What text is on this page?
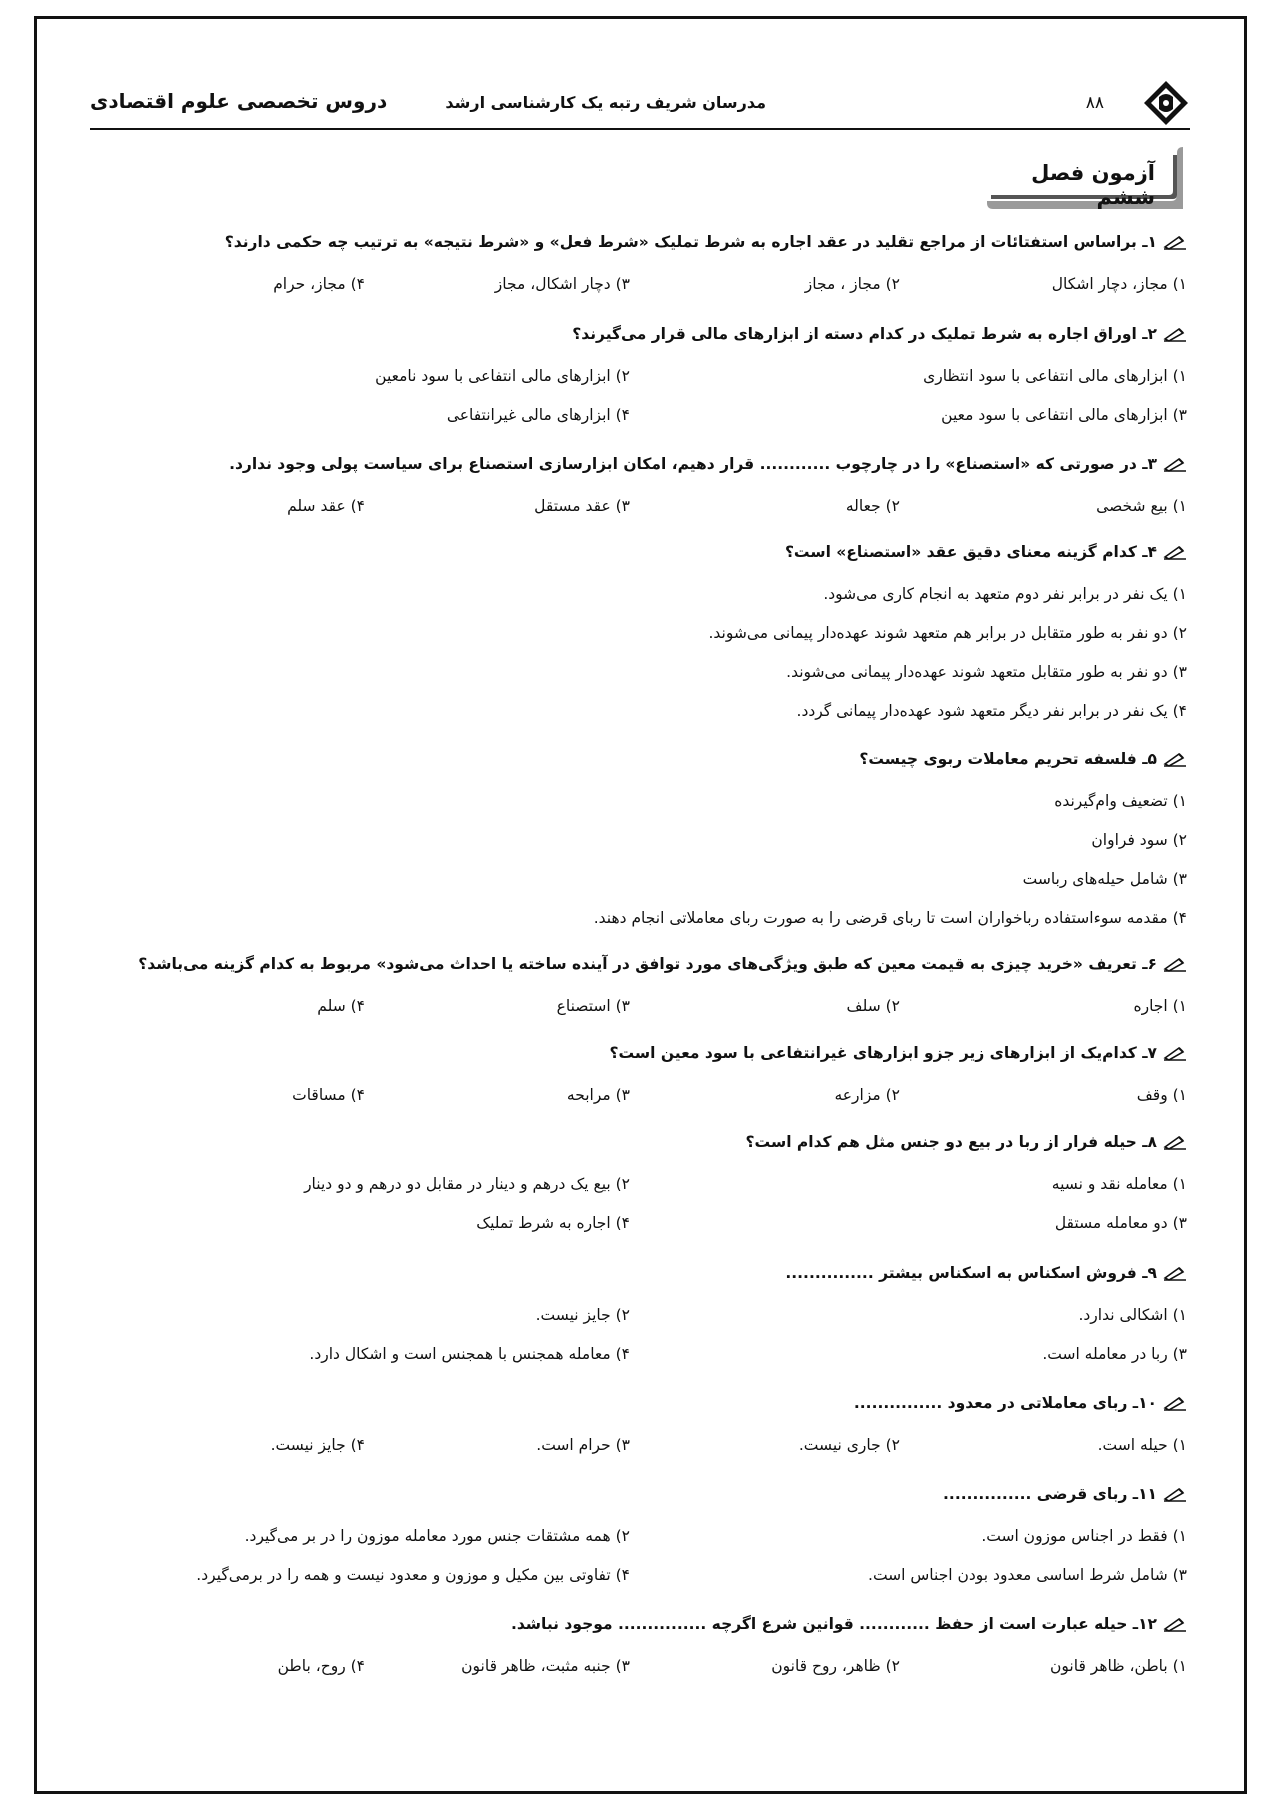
۸۸
مدرسان شریف رتبه یک کارشناسی ارشد
دروس تخصصی علوم اقتصادی
آزمون فصل ششم
۱ـ براساس استفتائات از مراجع تقلید در عقد اجاره به شرط تملیک «شرط فعل» و «شرط نتیجه» به ترتیب چه حکمی دارند؟
۱) مجاز، دچار اشکال
۲) مجاز ، مجاز
۳) دچار اشکال، مجاز
۴) مجاز، حرام
۲ـ اوراق اجاره به شرط تملیک در کدام دسته از ابزارهای مالی قرار می‌گیرند؟
۱) ابزارهای مالی انتفاعی با سود انتظاری
۲) ابزارهای مالی انتفاعی با سود نامعین
۳) ابزارهای مالی انتفاعی با سود معین
۴) ابزارهای مالی غیرانتفاعی
۳ـ در صورتی که «استصناع» را در چارچوب ............ قرار دهیم، امکان ابزارسازی استصناع برای سیاست پولی وجود ندارد.
۱) بیع شخصی
۲) جعاله
۳) عقد مستقل
۴) عقد سلم
۴ـ کدام گزینه معنای دقیق عقد «استصناع» است؟
۱) یک نفر در برابر نفر دوم متعهد به انجام کاری می‌شود.
۲) دو نفر به طور متقابل در برابر هم متعهد شوند عهده‌دار پیمانی می‌شوند.
۳) دو نفر به طور متقابل متعهد شوند عهده‌دار پیمانی می‌شوند.
۴) یک نفر در برابر نفر دیگر متعهد شود عهده‌دار پیمانی گردد.
۵ـ فلسفه تحریم معاملات ربوی چیست؟
۱) تضعیف وام‌گیرنده
۲) سود فراوان
۳) شامل حیله‌های رباست
۴) مقدمه سوءاستفاده رباخواران است تا ربای قرضی را به صورت ربای معاملاتی انجام دهند.
۶ـ تعریف «خرید چیزی به قیمت معین که طبق ویژگی‌های مورد توافق در آینده ساخته یا احداث می‌شود» مربوط به کدام گزینه می‌باشد؟
۱) اجاره
۲) سلف
۳) استصناع
۴) سلم
۷ـ کدام‌یک از ابزارهای زیر جزو ابزارهای غیرانتفاعی با سود معین است؟
۱) وقف
۲) مزارعه
۳) مرابحه
۴) مساقات
۸ـ حیله فرار از ربا در بیع دو جنس مثل هم کدام است؟
۱) معامله نقد و نسیه
۲) بیع یک درهم و دینار در مقابل دو درهم و دو دینار
۳) دو معامله مستقل
۴) اجاره به شرط تملیک
۹ـ فروش اسکناس به اسکناس بیشتر ...............
۱) اشکالی ندارد.
۲) جایز نیست.
۳) ربا در معامله است.
۴) معامله همجنس با همجنس است و اشکال دارد.
۱۰ـ ربای معاملاتی در معدود ...............
۱) حیله است.
۲) جاری نیست.
۳) حرام است.
۴) جایز نیست.
۱۱ـ ربای قرضی ...............
۱) فقط در اجناس موزون است.
۲) همه مشتقات جنس مورد معامله موزون را در بر می‌گیرد.
۳) شامل شرط اساسی معدود بودن اجناس است.
۴) تفاوتی بین مکیل و موزون و معدود نیست و همه را در برمی‌گیرد.
۱۲ـ حیله عبارت است از حفظ ............ قوانین شرع اگرچه ............... موجود نباشد.
۱) باطن، ظاهر قانون
۲) ظاهر، روح قانون
۳) جنبه مثبت، ظاهر قانون
۴) روح، باطن
